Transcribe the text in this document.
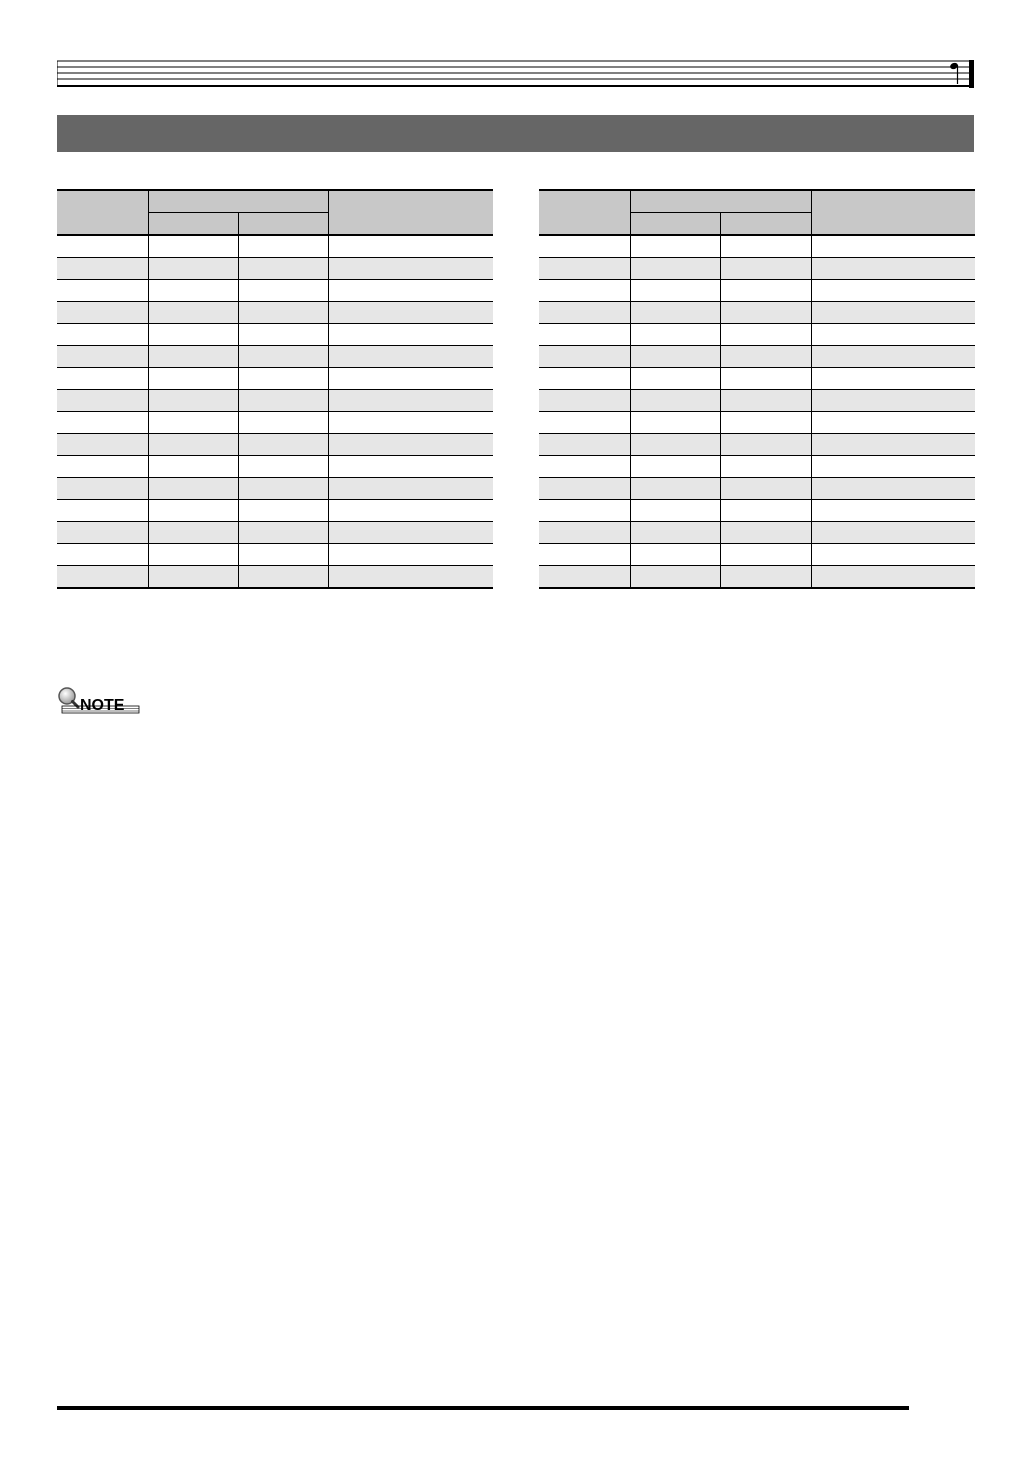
NOTE
